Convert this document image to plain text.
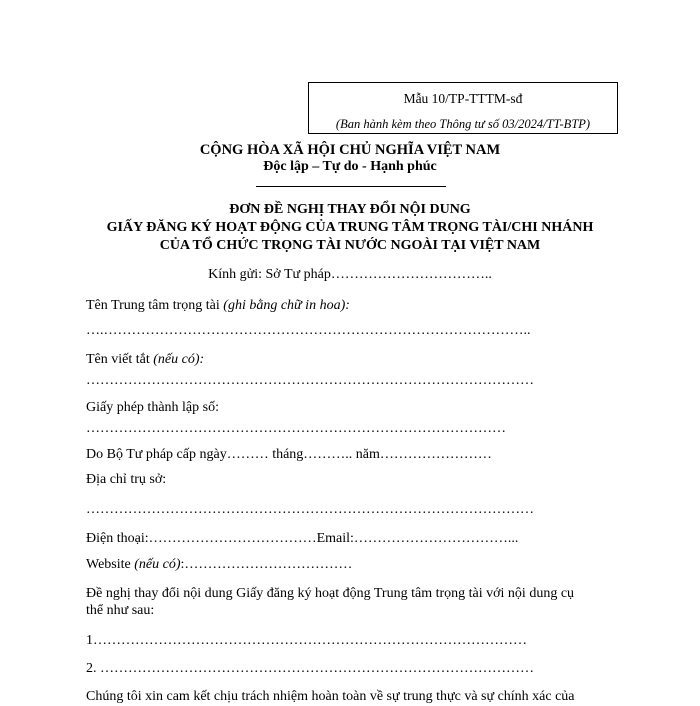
Mẫu 10/TP-TTTM-sđ
(Ban hành kèm theo Thông tư số 03/2024/TT-BTP)
CỘNG HÒA XÃ HỘI CHỦ NGHĨA VIỆT NAM
Độc lập – Tự do - Hạnh phúc
ĐƠN ĐỀ NGHỊ THAY ĐỔI NỘI DUNG
GIẤY ĐĂNG KÝ HOẠT ĐỘNG CỦA TRUNG TÂM TRỌNG TÀI/CHI NHÁNH
CỦA TỔ CHỨC TRỌNG TÀI NƯỚC NGOÀI TẠI VIỆT NAM
Kính gửi: Sở Tư pháp……………………………..
Tên Trung tâm trọng tài (ghi bằng chữ in hoa):
….………………………………………………………………………………..
Tên viết tắt (nếu có):
……………………………………………………………………………………
Giấy phép thành lập số:
………………………………………………………………………………
Do Bộ Tư pháp cấp ngày……… tháng……….. năm……………………
Địa chỉ trụ sở:
……………………………………………………………………………………
Điện thoại:………………………………Email:……………………………...
Website (nếu có):………………………………
Đề nghị thay đổi nội dung Giấy đăng ký hoạt động Trung tâm trọng tài với nội dung cụ
thể như sau:
1…………………………………………………………………………………
2. …………………………………………………………………………………
Chúng tôi xin cam kết chịu trách nhiệm hoàn toàn về sự trung thực và sự chính xác của
